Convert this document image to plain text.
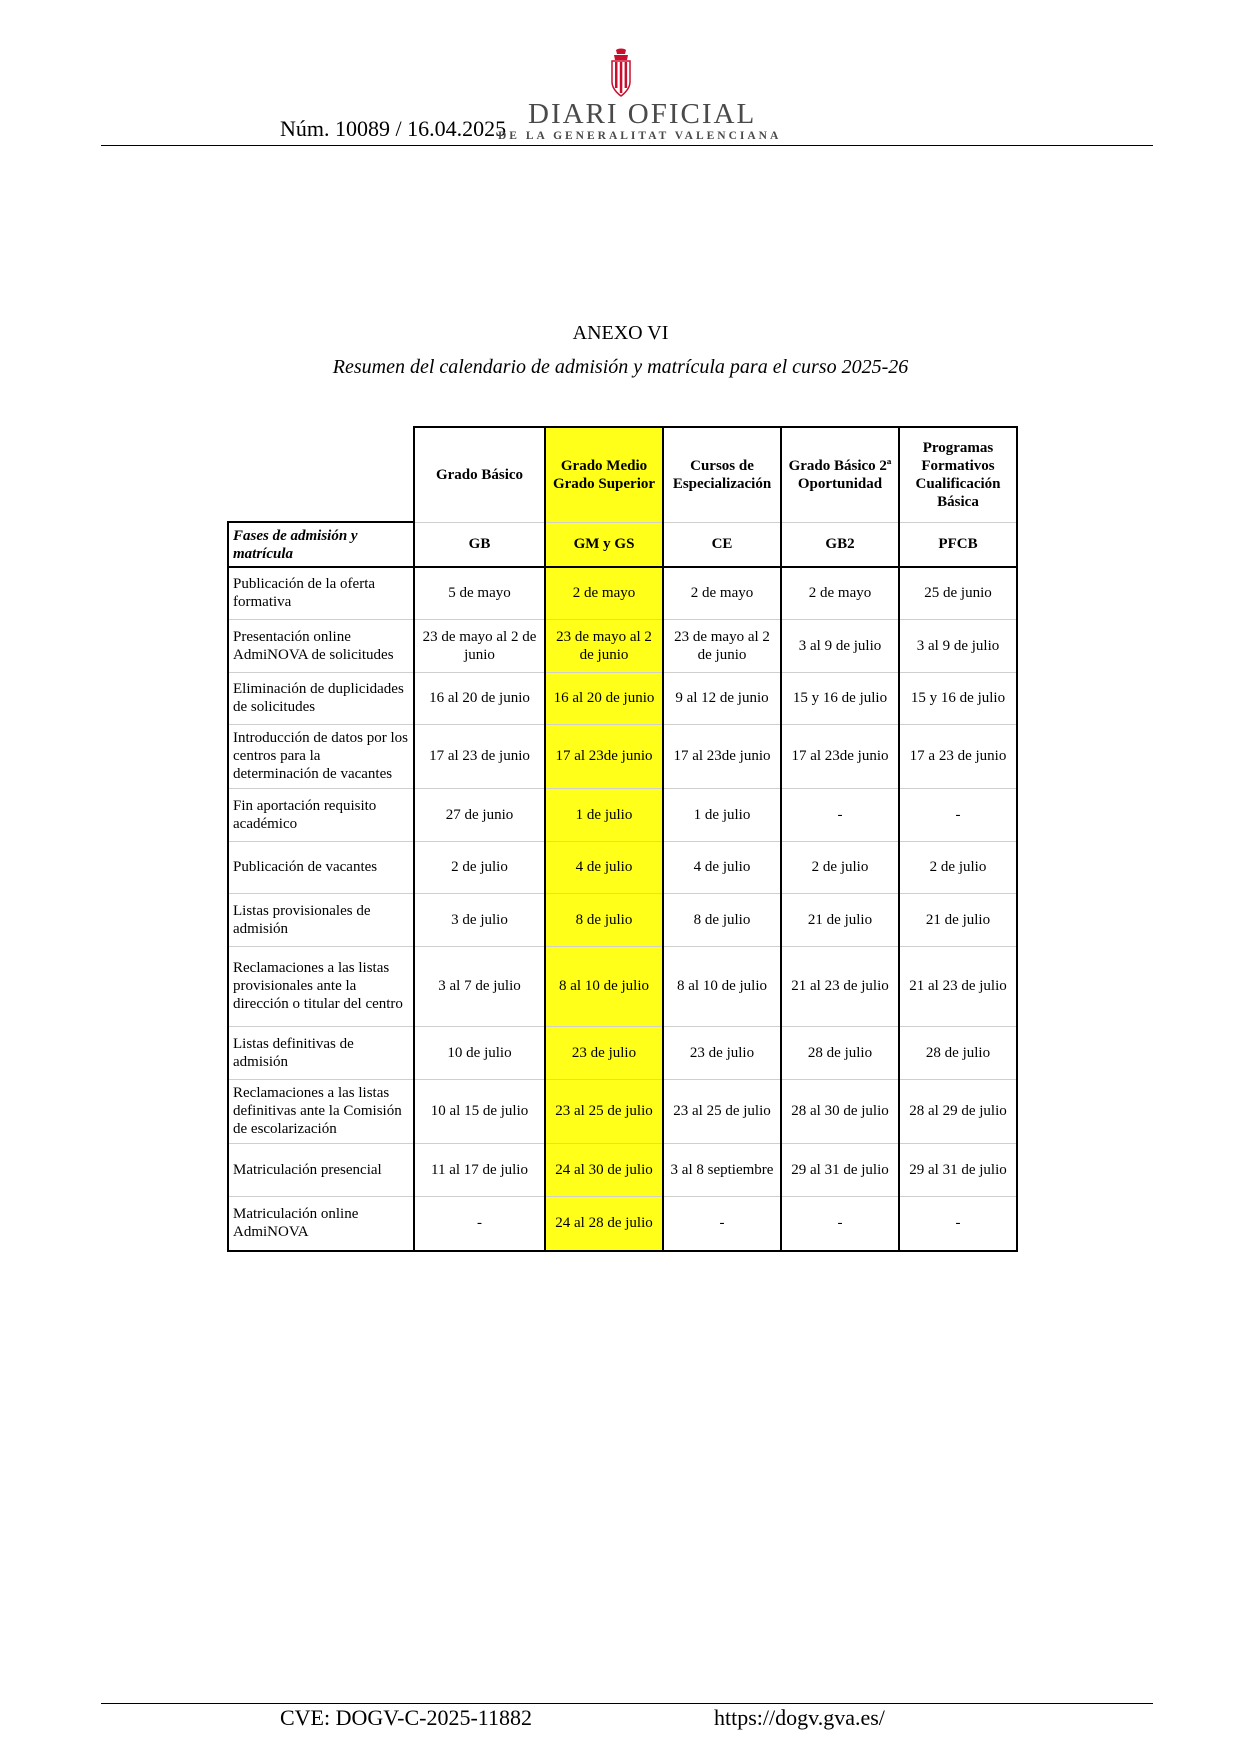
Núm. 10089 / 16.04.2025 DIARI OFICIAL
DE LA GENERALITAT VALENCIANA
ANEXO VI
Resumen del calendario de admisión y matrícula para el curso 2025-26
	Grado Básico	Grado Medio Grado Superior	Cursos de Especialización	Grado Básico 2ª Oportunidad	Programas Formativos Cualificación Básica
Fases de admisión y matrícula	GB	GM y GS	CE	GB2	PFCB
Publicación de la oferta formativa	5 de mayo	2 de mayo	2 de mayo	2 de mayo	25 de junio
Presentación online AdmiNOVA de solicitudes	23 de mayo al 2 de junio	23 de mayo al 2 de junio	23 de mayo al 2 de junio	3 al 9 de julio	3 al 9 de julio
Eliminación de duplicidades de solicitudes	16 al 20 de junio	16 al 20 de junio	9 al 12 de junio	15 y 16 de julio	15 y 16 de julio
Introducción de datos por los centros para la determinación de vacantes	17 al 23 de junio	17 al 23de junio	17 al 23de junio	17 al 23de junio	17 a 23 de junio
Fin aportación requisito académico	27 de junio	1 de julio	1 de julio	-	-
Publicación de vacantes	2 de julio	4 de julio	4 de julio	2 de julio	2 de julio
Listas provisionales de admisión	3 de julio	8 de julio	8 de julio	21 de julio	21 de julio
Reclamaciones a las listas provisionales ante la dirección o titular del centro	3 al 7 de julio	8 al 10 de julio	8 al 10 de julio	21 al 23 de julio	21 al 23 de julio
Listas definitivas de admisión	10 de julio	23 de julio	23 de julio	28 de julio	28 de julio
Reclamaciones a las listas definitivas ante la Comisión de escolarización	10 al 15 de julio	23 al 25 de julio	23 al 25 de julio	28 al 30 de julio	28 al 29 de julio
Matriculación presencial	11 al 17 de julio	24 al 30 de julio	3 al 8 septiembre	29 al 31 de julio	29 al 31 de julio
Matriculación online AdmiNOVA	-	24 al 28 de julio	-	-	-
CVE: DOGV-C-2025-11882	https://dogv.gva.es/
